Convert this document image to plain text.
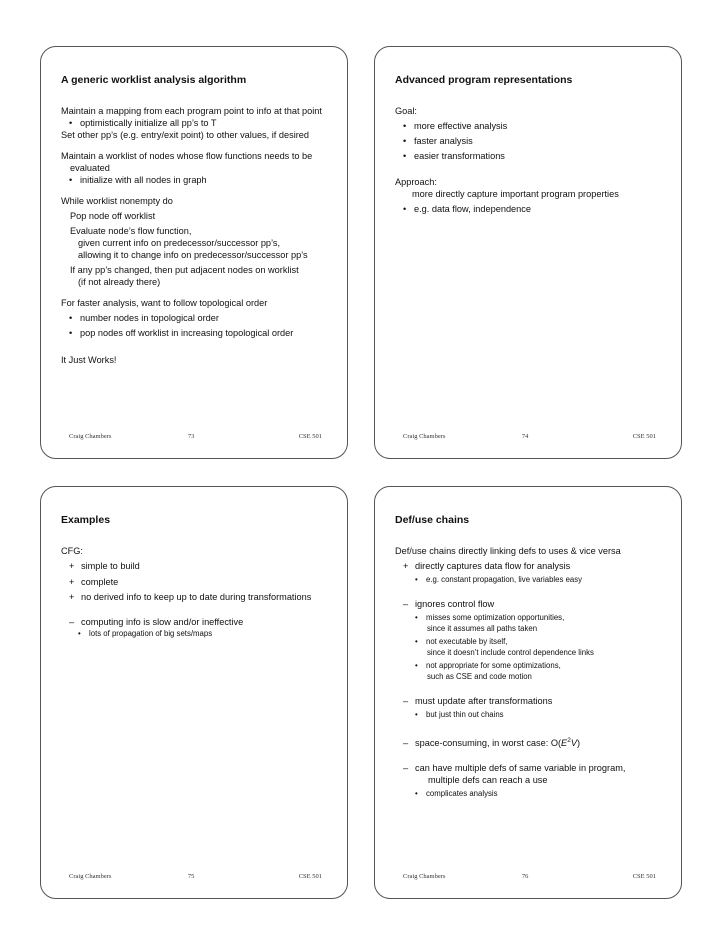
A generic worklist analysis algorithm
Maintain a mapping from each program point to info at that point
• optimistically initialize all pp’s to T
Set other pp’s (e.g. entry/exit point) to other values, if desired
Maintain a worklist of nodes whose flow functions needs to be
evaluated
• initialize with all nodes in graph
While worklist nonempty do
Pop node off worklist
Evaluate node’s flow function,
given current info on predecessor/successor pp’s,
allowing it to change info on predecessor/successor pp’s
If any pp’s changed, then put adjacent nodes on worklist
(if not already there)
For faster analysis, want to follow topological order
• number nodes in topological order
• pop nodes off worklist in increasing topological order
It Just Works!
Craig Chambers	73	CSE 501
Advanced program representations
Goal:
• more effective analysis
• faster analysis
• easier transformations
Approach:
more directly capture important program properties
• e.g. data flow, independence
Craig Chambers	74	CSE 501
Examples
CFG:
+ simple to build
+ complete
+ no derived info to keep up to date during transformations
– computing info is slow and/or ineffective
• lots of propagation of big sets/maps
Craig Chambers	75	CSE 501
Def/use chains
Def/use chains directly linking defs to uses & vice versa
+ directly captures data flow for analysis
• e.g. constant propagation, live variables easy
– ignores control flow
• misses some optimization opportunities,
since it assumes all paths taken
• not executable by itself,
since it doesn’t include control dependence links
• not appropriate for some optimizations,
such as CSE and code motion
– must update after transformations
• but just thin out chains
– space-consuming, in worst case: $O(E^2V)$
– can have multiple defs of same variable in program,
multiple defs can reach a use
• complicates analysis
Craig Chambers	76	CSE 501
